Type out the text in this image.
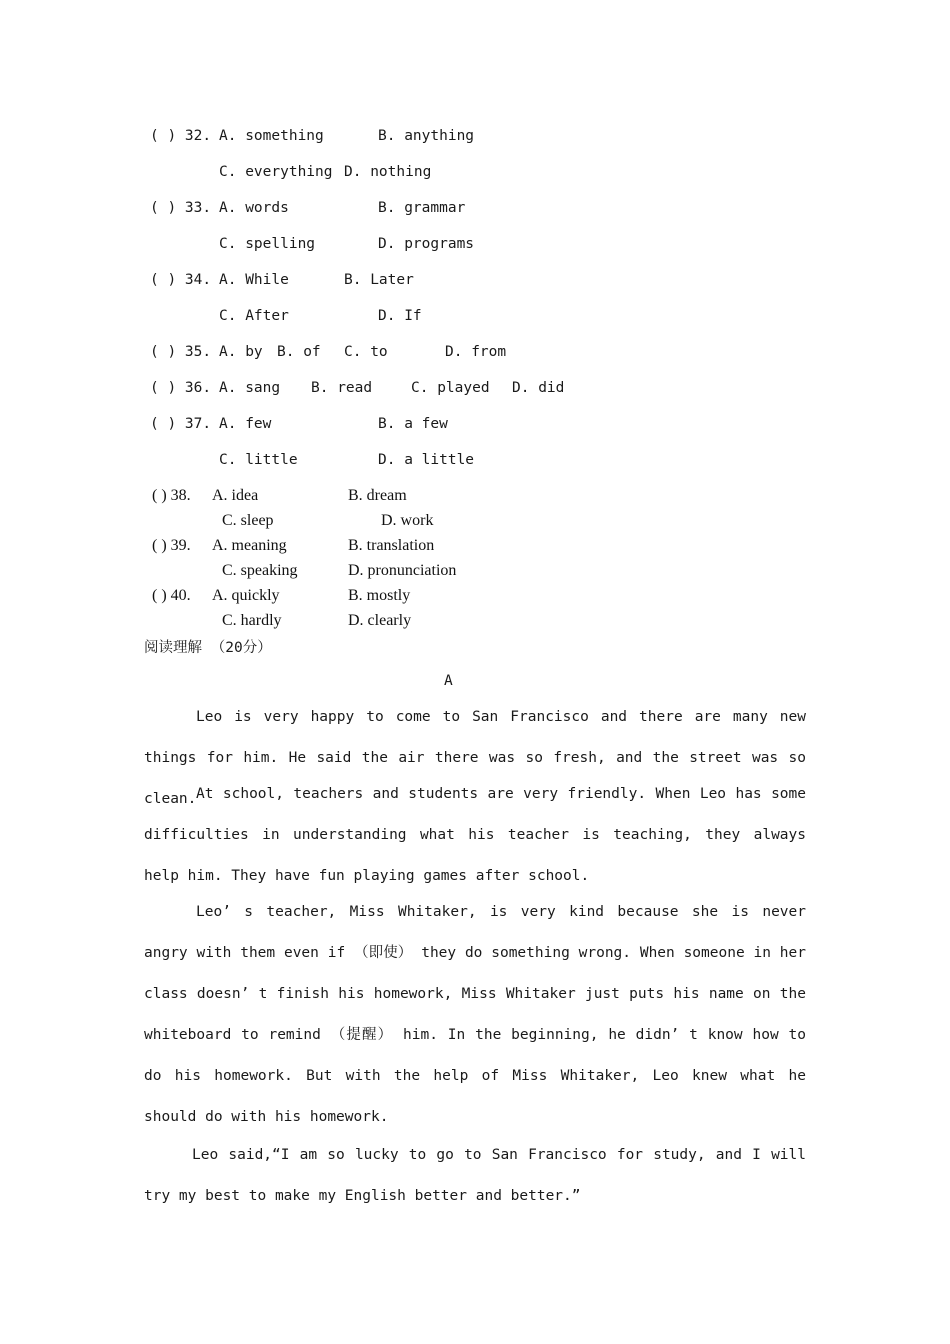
( ) 32. A. something	B. anything
C. everything D. nothing
( ) 33. A. words	B. grammar
C. spelling	D. programs
( ) 34. A. While	B. Later
C. After	D. If
( ) 35. A. by B. of C. to	D. from
( ) 36. A. sang B. read	C. played D. did
( ) 37. A. few	B. a few
C. little	D. a little
( ) 38. A. idea	B. dream
C. sleep	D. work
( ) 39. A. meaning	B. translation
C. speaking	D. pronunciation
( ) 40. A. quickly	B. mostly
C. hardly	D. clearly
阅读理解 （20分）
A

Leo is very happy to come to San Francisco and there are many new things for him. He said the air there was so fresh, and the street was so clean. At school, teachers and students are very friendly. When Leo has some difficulties in understanding what his teacher is teaching, they always help him. They have fun playing games after school.

Leo’ s teacher, Miss Whitaker, is very kind because she is never angry with them even if （即使） they do something wrong. When someone in her class doesn’ t finish his homework, Miss Whitaker just puts his name on the whiteboard to remind （提醒） him. In the beginning, he didn’ t know how to do his homework. But with the help of Miss Whitaker, Leo knew what he should do with his homework.

Leo said,“I am so lucky to go to San Francisco for study, and I will try my best to make my English better and better.”
